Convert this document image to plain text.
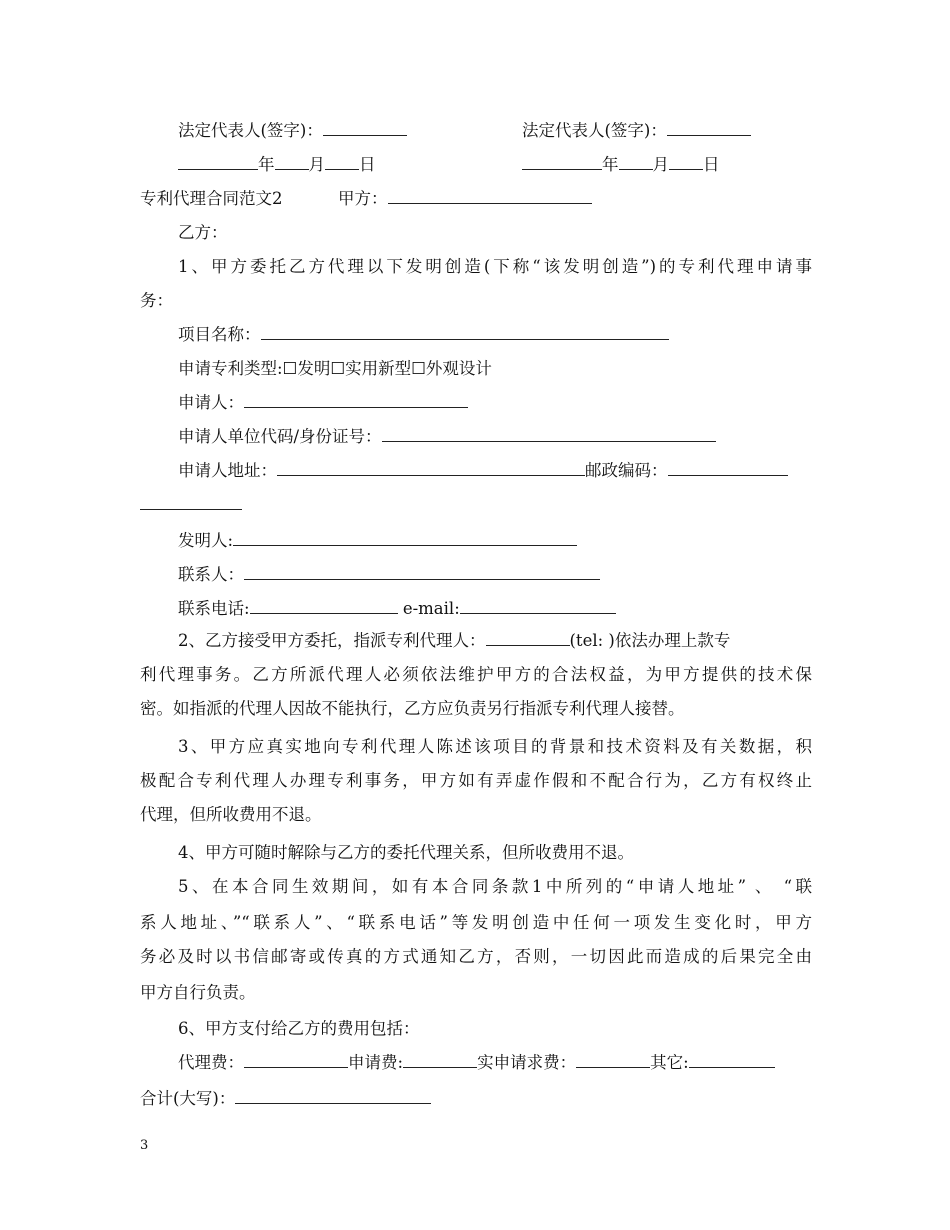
法定代表人(签字)：	法定代表人(签字)：
年 月 日	年 月 日
专利代理合同范文2	甲方：
乙方：
1、甲方委托乙方代理以下发明创造(下称“该发明创造”)的专利代理申请事
务：
项目名称：
申请专利类型:☐发明☐实用新型☐外观设计
申请人：
申请人单位代码/身份证号：
申请人地址：	邮政编码：
发明人:
联系人：
联系电话:	e-mail:
2、乙方接受甲方委托，指派专利代理人：	(tel: )依法办理上款专
利代理事务。乙方所派代理人必须依法维护甲方的合法权益，为甲方提供的技术保
密。如指派的代理人因故不能执行，乙方应负责另行指派专利代理人接替。
3、甲方应真实地向专利代理人陈述该项目的背景和技术资料及有关数据，积
极配合专利代理人办理专利事务，甲方如有弄虚作假和不配合行为，乙方有权终止
代理，但所收费用不退。
4、甲方可随时解除与乙方的委托代理关系，但所收费用不退。
5、在本合同生效期间，如有本合同条款1中所列的“申请人地址” 、 “联
系人地址、”“联系人”、“联系电话”等发明创造中任何一项发生变化时，甲方
务必及时以书信邮寄或传真的方式通知乙方，否则，一切因此而造成的后果完全由
甲方自行负责。
6、甲方支付给乙方的费用包括：
代理费：	申请费:	实申请求费：	其它:
合计(大写)：
3
